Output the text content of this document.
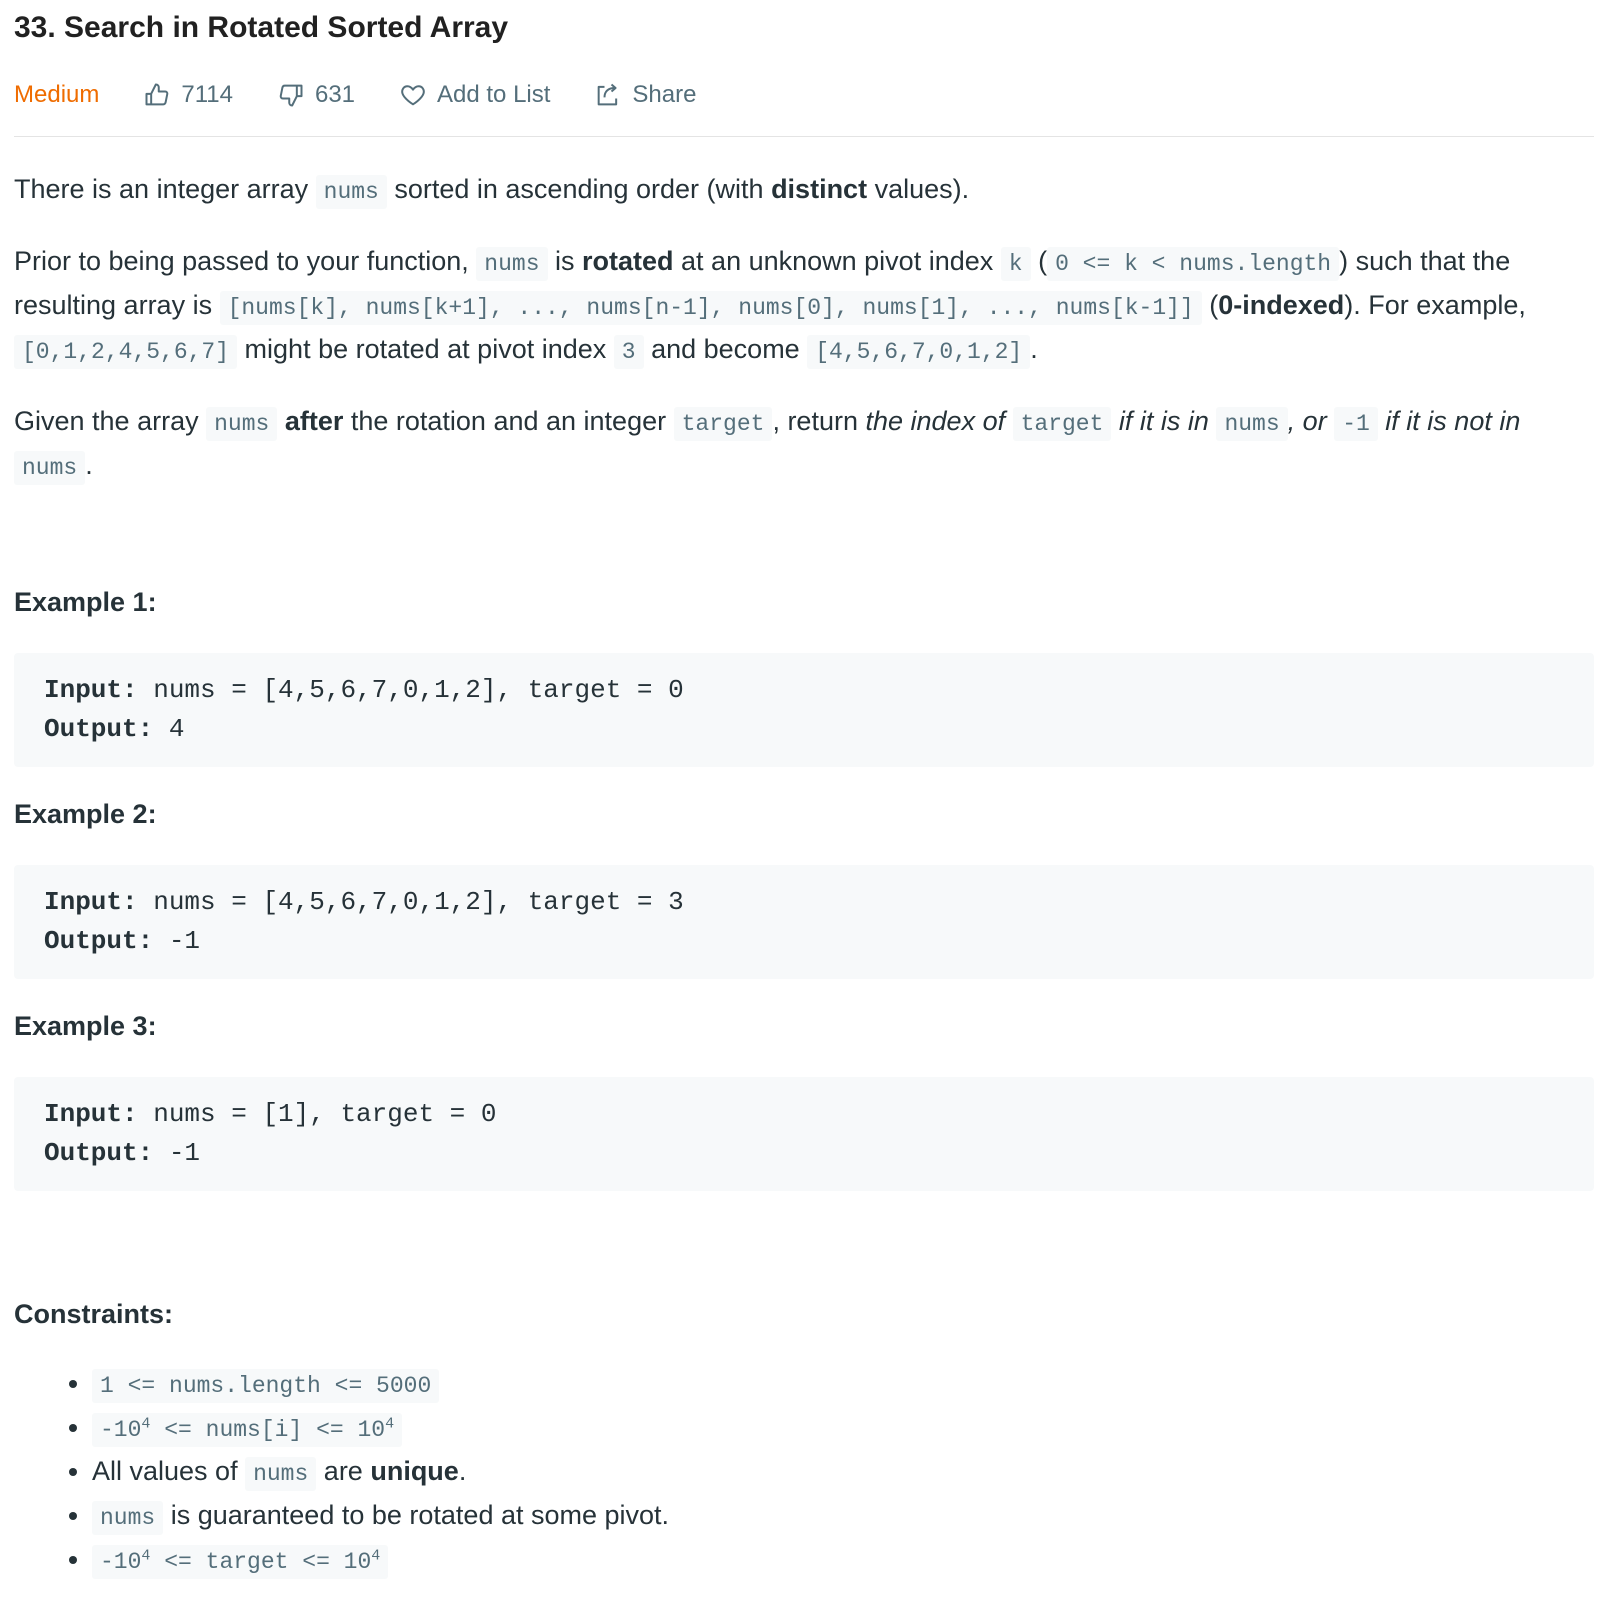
33. Search in Rotated Sorted Array
Medium	7114	631	Add to List	Share

There is an integer array nums sorted in ascending order (with distinct values).

Prior to being passed to your function, nums is rotated at an unknown pivot index k ( 0 <= k < nums.length ) such that the resulting array is [nums[k], nums[k+1], ..., nums[n-1], nums[0], nums[1], ..., nums[k-1]] (0-indexed). For example, [0,1,2,4,5,6,7] might be rotated at pivot index 3 and become [4,5,6,7,0,1,2] .

Given the array nums after the rotation and an integer target , return the index of target if it is in nums , or -1 if it is not in nums .

Example 1:

Input: nums = [4,5,6,7,0,1,2], target = 0
Output: 4

Example 2:

Input: nums = [4,5,6,7,0,1,2], target = 3
Output: -1

Example 3:

Input: nums = [1], target = 0
Output: -1

Constraints:

• 1 <= nums.length <= 5000
• $-10^4$ <= nums[i] <= $10^4$
• All values of nums are unique.
• nums is guaranteed to be rotated at some pivot.
• $-10^4$ <= target <= $10^4$
